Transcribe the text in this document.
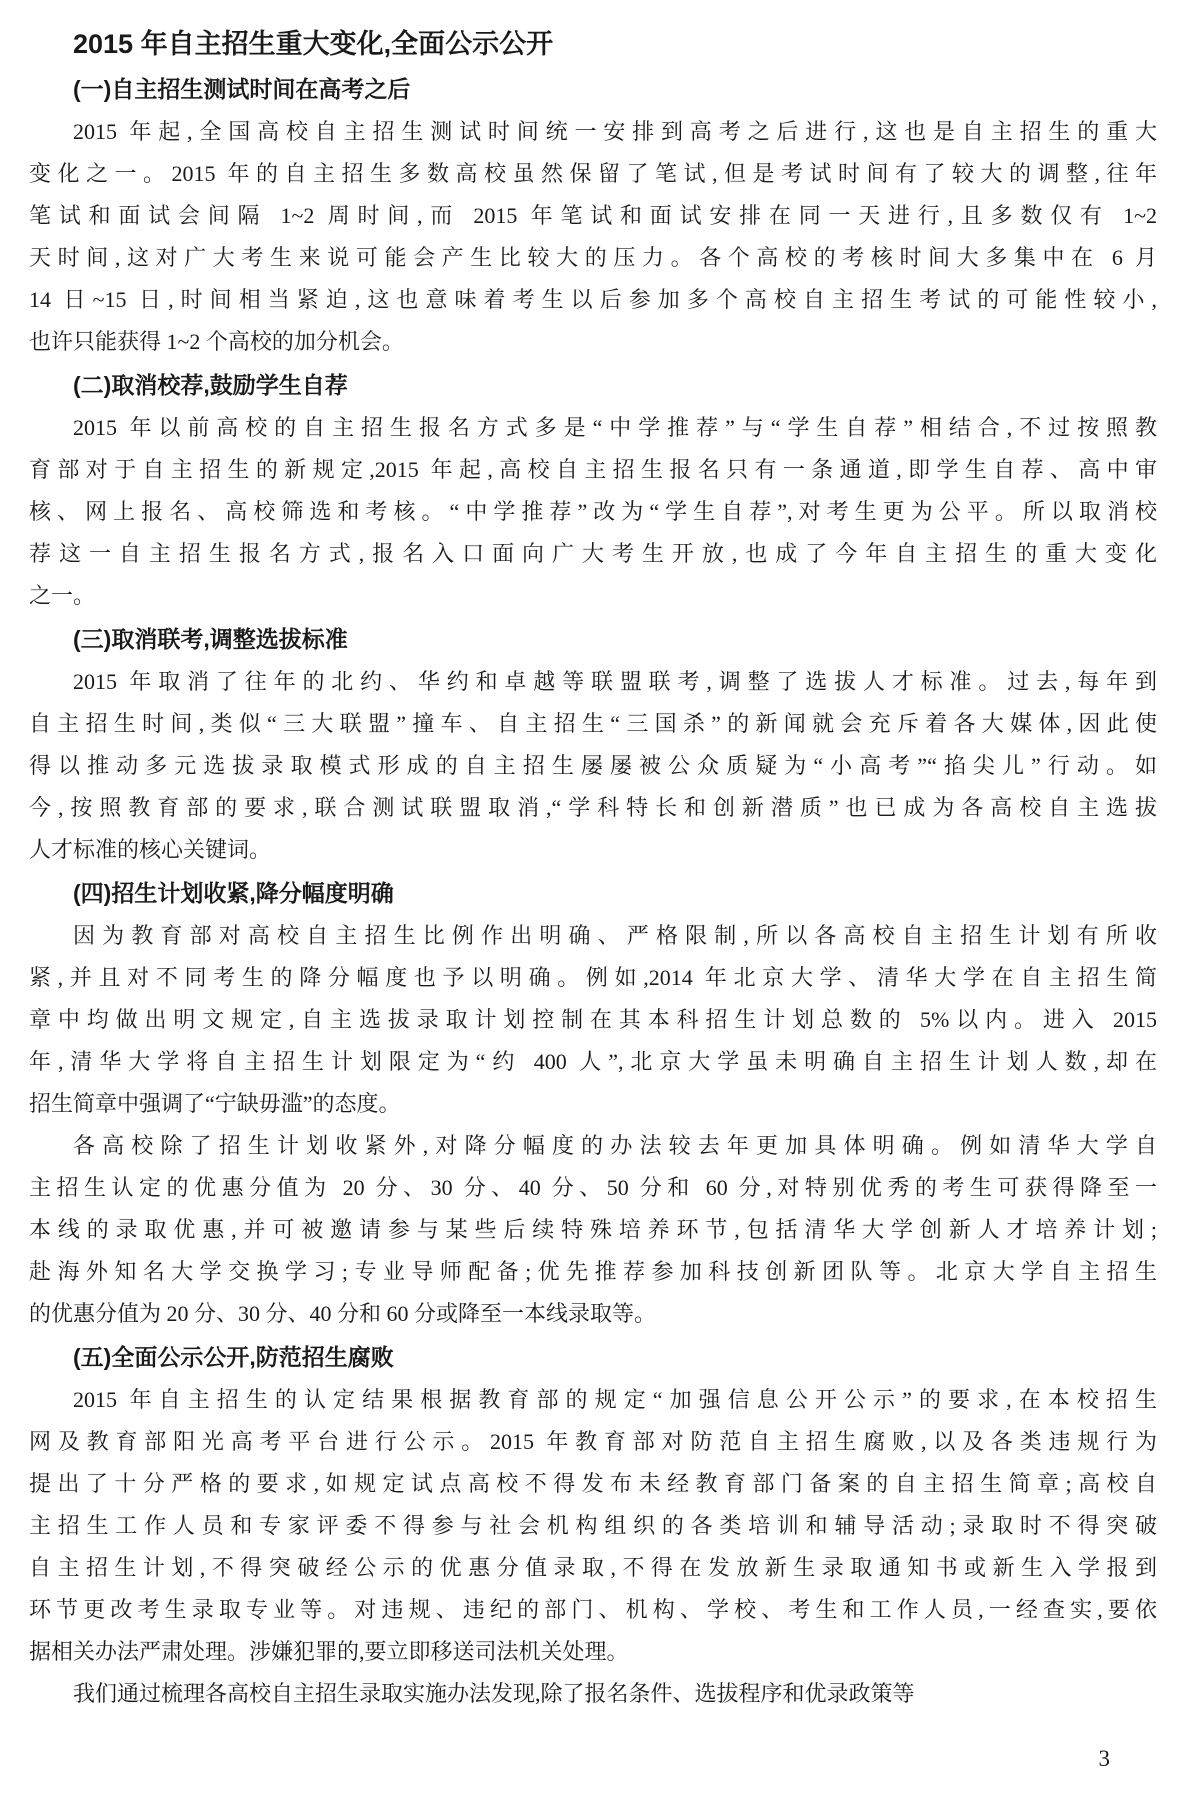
2015 年自主招生重大变化,全面公示公开
(一)自主招生测试时间在高考之后
2015 年起,全国高校自主招生测试时间统一安排到高考之后进行,这也是自主招生的重大
变化之一。2015 年的自主招生多数高校虽然保留了笔试,但是考试时间有了较大的调整,往年
笔试和面试会间隔 1~2 周时间,而 2015 年笔试和面试安排在同一天进行,且多数仅有 1~2
天时间,这对广大考生来说可能会产生比较大的压力。各个高校的考核时间大多集中在 6 月
14 日~15 日,时间相当紧迫,这也意味着考生以后参加多个高校自主招生考试的可能性较小,
也许只能获得 1~2 个高校的加分机会。
(二)取消校荐,鼓励学生自荐
2015 年以前高校的自主招生报名方式多是“中学推荐”与“学生自荐”相结合,不过按照教
育部对于自主招生的新规定,2015 年起,高校自主招生报名只有一条通道,即学生自荐、高中审
核、网上报名、高校筛选和考核。“中学推荐”改为“学生自荐”,对考生更为公平。所以取消校
荐这一自主招生报名方式,报名入口面向广大考生开放,也成了今年自主招生的重大变化
之一。
(三)取消联考,调整选拔标准
2015 年取消了往年的北约、华约和卓越等联盟联考,调整了选拔人才标准。过去,每年到
自主招生时间,类似“三大联盟”撞车、自主招生“三国杀”的新闻就会充斥着各大媒体,因此使
得以推动多元选拔录取模式形成的自主招生屡屡被公众质疑为“小高考”“掐尖儿”行动。如
今,按照教育部的要求,联合测试联盟取消,“学科特长和创新潜质”也已成为各高校自主选拔
人才标准的核心关键词。
(四)招生计划收紧,降分幅度明确
因为教育部对高校自主招生比例作出明确、严格限制,所以各高校自主招生计划有所收
紧,并且对不同考生的降分幅度也予以明确。例如,2014 年北京大学、清华大学在自主招生简
章中均做出明文规定,自主选拔录取计划控制在其本科招生计划总数的 5%以内。进入 2015
年,清华大学将自主招生计划限定为“约 400 人”,北京大学虽未明确自主招生计划人数,却在
招生简章中强调了“宁缺毋滥”的态度。
各高校除了招生计划收紧外,对降分幅度的办法较去年更加具体明确。例如清华大学自
主招生认定的优惠分值为 20 分、30 分、40 分、50 分和 60 分,对特别优秀的考生可获得降至一
本线的录取优惠,并可被邀请参与某些后续特殊培养环节,包括清华大学创新人才培养计划;
赴海外知名大学交换学习;专业导师配备;优先推荐参加科技创新团队等。北京大学自主招生
的优惠分值为 20 分、30 分、40 分和 60 分或降至一本线录取等。
(五)全面公示公开,防范招生腐败
2015 年自主招生的认定结果根据教育部的规定“加强信息公开公示”的要求,在本校招生
网及教育部阳光高考平台进行公示。2015 年教育部对防范自主招生腐败,以及各类违规行为
提出了十分严格的要求,如规定试点高校不得发布未经教育部门备案的自主招生简章;高校自
主招生工作人员和专家评委不得参与社会机构组织的各类培训和辅导活动;录取时不得突破
自主招生计划,不得突破经公示的优惠分值录取,不得在发放新生录取通知书或新生入学报到
环节更改考生录取专业等。对违规、违纪的部门、机构、学校、考生和工作人员,一经查实,要依
据相关办法严肃处理。涉嫌犯罪的,要立即移送司法机关处理。
我们通过梳理各高校自主招生录取实施办法发现,除了报名条件、选拔程序和优录政策等
3
